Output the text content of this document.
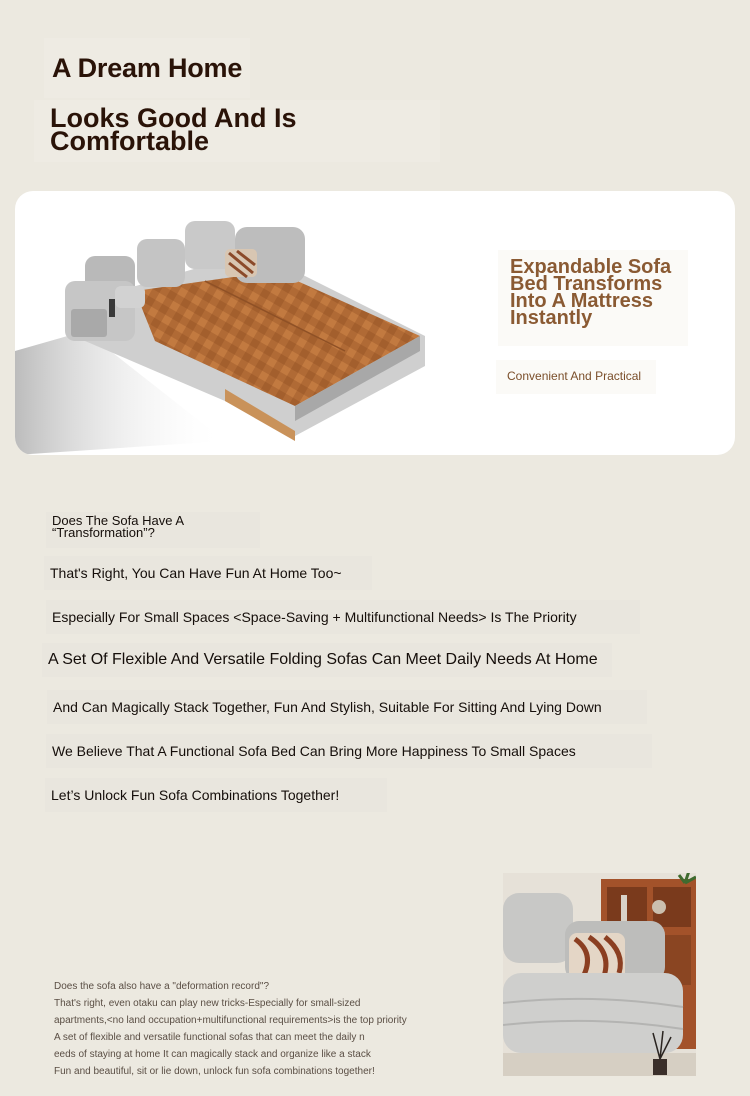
A Dream Home
Looks Good And Is Comfortable
Expandable Sofa Bed Transforms Into A Mattress Instantly
Convenient And Practical
Does The Sofa Have A “Transformation”?
That's Right, You Can Have Fun At Home Too~
Especially For Small Spaces <Space-Saving + Multifunctional Needs> Is The Priority
A Set Of Flexible And Versatile Folding Sofas Can Meet Daily Needs At Home
And Can Magically Stack Together, Fun And Stylish, Suitable For Sitting And Lying Down
We Believe That A Functional Sofa Bed Can Bring More Happiness To Small Spaces
Let’s Unlock Fun Sofa Combinations Together!
Does the sofa also have a "deformation record"?
That's right, even otaku can play new tricks-Especially for small-sized
apartments,<no land occupation+multifunctional requirements>is the top priority
A set of flexible and versatile functional sofas that can meet the daily n
eeds of staying at home It can magically stack and organize like a stack
Fun and beautiful, sit or lie down, unlock fun sofa combinations together!
